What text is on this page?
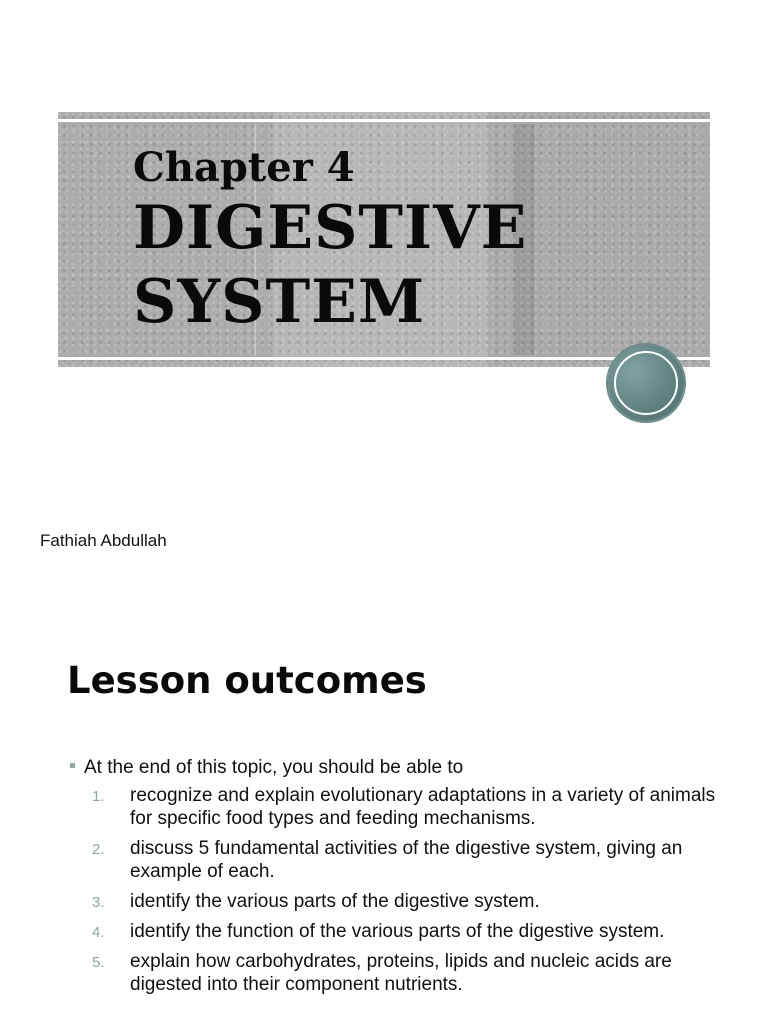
Chapter 4
DIGESTIVE
SYSTEM
Fathiah Abdullah
Lesson outcomes
At the end of this topic, you should be able to
1.	recognize and explain evolutionary adaptations in a variety of animals for specific food types and feeding mechanisms.
2.	discuss 5 fundamental activities of the digestive system, giving an example of each.
3.	identify the various parts of the digestive system.
4.	identify the function of the various parts of the digestive system.
5.	explain how carbohydrates, proteins, lipids and nucleic acids are digested into their component nutrients.
